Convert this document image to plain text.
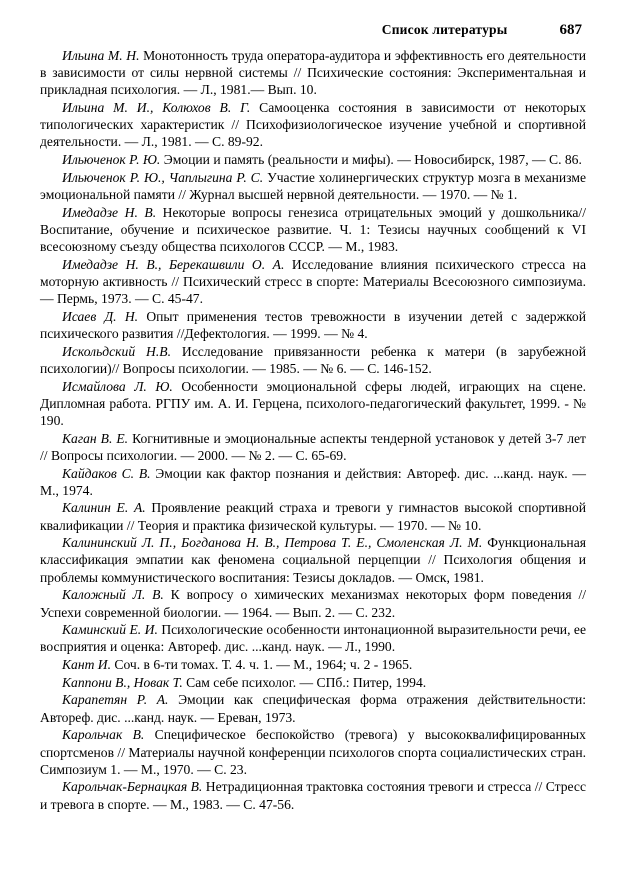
Список литературы	687

Ильина М. Н. Монотонность труда оператора-аудитора и эффективность его деятельности в зависимости от силы нервной системы // Психические состояния: Экспериментальная и прикладная психология. — Л., 1981.— Вып. 10.

Ильина М. И., Колюхов В. Г. Самооценка состояния в зависимости от некоторых типологических характеристик // Психофизиологическое изучение учебной и спортивной деятельности. — Л., 1981. — С. 89-92.

Ильюченок Р. Ю. Эмоции и память (реальности и мифы). — Новосибирск, 1987, — С. 86.

Ильюченок Р. Ю., Чаплыгина Р. С. Участие холинергических структур мозга в механизме эмоциональной памяти // Журнал высшей нервной деятельности. — 1970. — № 1.

Имедадзе Н. В. Некоторые вопросы генезиса отрицательных эмоций у дошкольника// Воспитание, обучение и психическое развитие. Ч. 1: Тезисы научных сообщений к VI всесоюзному съезду общества психологов СССР. — М., 1983.

Имедадзе Н. В., Берекашвили О. А. Исследование влияния психического стресса на моторную активность // Психический стресс в спорте: Материалы Всесоюзного симпозиума. — Пермь, 1973. — С. 45-47.

Исаев Д. Н. Опыт применения тестов тревожности в изучении детей с задержкой психического развития //Дефектология. — 1999. — № 4.

Искольдский Н.В. Исследование привязанности ребенка к матери (в зарубежной психологии)// Вопросы психологии. — 1985. — № 6. — С. 146-152.

Исмайлова Л. Ю. Особенности эмоциональной сферы людей, играющих на сцене. Дипломная работа. РГПУ им. А. И. Герцена, психолого-педагогический факультет, 1999. - № 190.

Каган В. Е. Когнитивные и эмоциональные аспекты тендерной установок у детей 3-7 лет // Вопросы психологии. — 2000. — № 2. — С. 65-69.

Кайдаков С. В. Эмоции как фактор познания и действия: Автореф. дис. ...канд. наук. — М., 1974.

Калинин Е. А. Проявление реакций страха и тревоги у гимнастов высокой спортивной квалификации // Теория и практика физической культуры. — 1970. — № 10.

Калининский Л. П., Богданова Н. В., Петрова Т. Е., Смоленская Л. М. Функциональная классификация эмпатии как феномена социальной перцепции // Психология общения и проблемы коммунистического воспитания: Тезисы докладов. — Омск, 1981.

Каложный Л. В. К вопросу о химических механизмах некоторых форм поведения // Успехи современной биологии. — 1964. — Вып. 2. — С. 232.

Каминский Е. И. Психологические особенности интонационной выразительности речи, ее восприятия и оценка: Автореф. дис. ...канд. наук. — Л., 1990.

Кант И. Соч. в 6-ти томах. Т. 4. ч. 1. — М., 1964; ч. 2 - 1965.

Каппони В., Новак Т. Сам себе психолог. — СПб.: Питер, 1994.

Карапетян Р. А. Эмоции как специфическая форма отражения действительности: Автореф. дис. ...канд. наук. — Ереван, 1973.

Карольчак В. Специфическое беспокойство (тревога) у высококвалифицированных спортсменов // Материалы научной конференции психологов спорта социалистических стран. Симпозиум 1. — М., 1970. — С. 23.

Карольчак-Бернацкая В. Нетрадиционная трактовка состояния тревоги и стресса // Стресс и тревога в спорте. — М., 1983. — С. 47-56.
